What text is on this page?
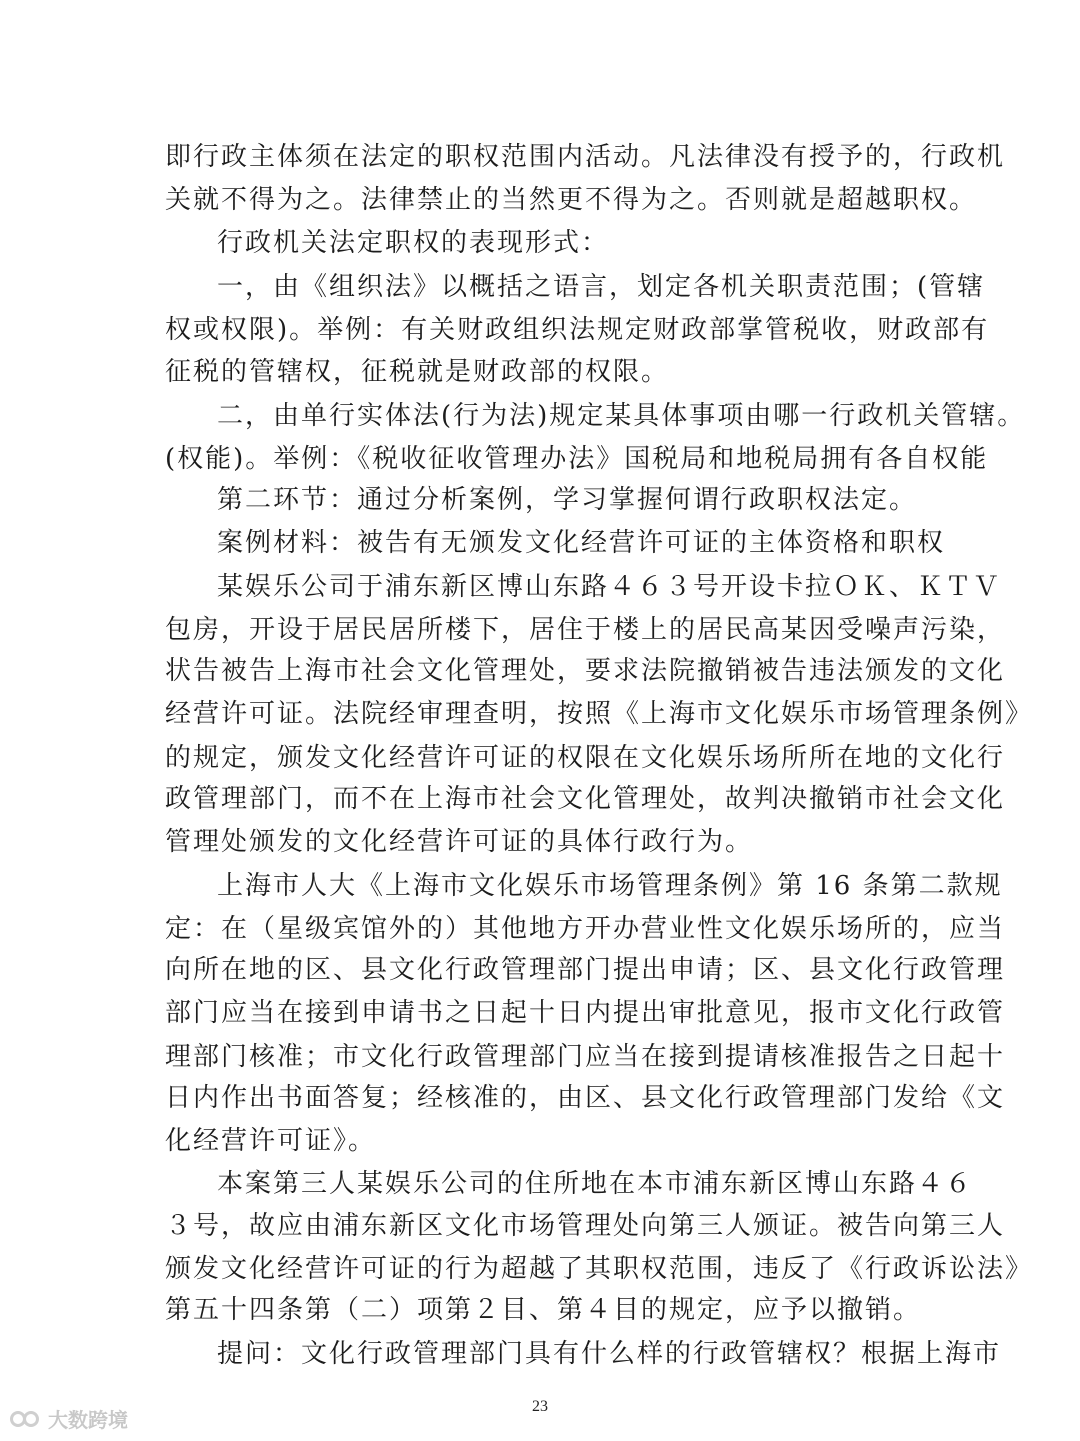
即行政主体须在法定的职权范围内活动。凡法律没有授予的，行政机
关就不得为之。法律禁止的当然更不得为之。否则就是超越职权。
行政机关法定职权的表现形式：
一，由《组织法》以概括之语言，划定各机关职责范围；(管辖
权或权限)。举例：有关财政组织法规定财政部掌管税收，财政部有
征税的管辖权，征税就是财政部的权限。
二，由单行实体法(行为法)规定某具体事项由哪一行政机关管辖。
(权能)。举例：《税收征收管理办法》国税局和地税局拥有各自权能
第二环节：通过分析案例，学习掌握何谓行政职权法定。
案例材料：被告有无颁发文化经营许可证的主体资格和职权
某娱乐公司于浦东新区博山东路４６３号开设卡拉ＯＫ、ＫＴＶ
包房，开设于居民居所楼下，居住于楼上的居民高某因受噪声污染，
状告被告上海市社会文化管理处，要求法院撤销被告违法颁发的文化
经营许可证。法院经审理查明，按照《上海市文化娱乐市场管理条例》
的规定，颁发文化经营许可证的权限在文化娱乐场所所在地的文化行
政管理部门，而不在上海市社会文化管理处，故判决撤销市社会文化
管理处颁发的文化经营许可证的具体行政行为。
上海市人大《上海市文化娱乐市场管理条例》第 16 条第二款规
定：在（星级宾馆外的）其他地方开办营业性文化娱乐场所的，应当
向所在地的区、县文化行政管理部门提出申请；区、县文化行政管理
部门应当在接到申请书之日起十日内提出审批意见，报市文化行政管
理部门核准；市文化行政管理部门应当在接到提请核准报告之日起十
日内作出书面答复；经核准的，由区、县文化行政管理部门发给《文
化经营许可证》。
本案第三人某娱乐公司的住所地在本市浦东新区博山东路４６
３号，故应由浦东新区文化市场管理处向第三人颁证。被告向第三人
颁发文化经营许可证的行为超越了其职权范围，违反了《行政诉讼法》
第五十四条第（二）项第２目、第４目的规定，应予以撤销。
提问：文化行政管理部门具有什么样的行政管辖权？根据上海市
23
大数跨境
